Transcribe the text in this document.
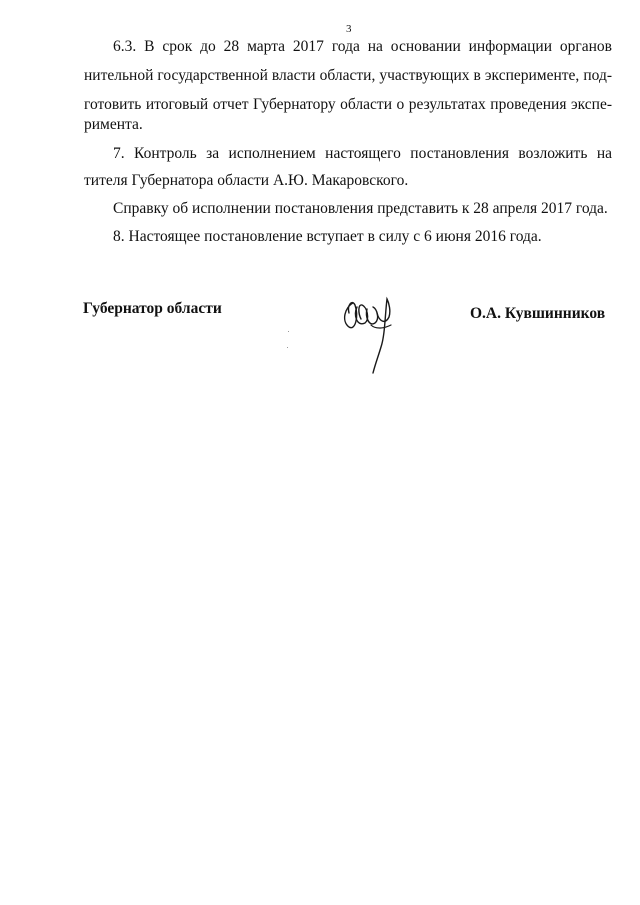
3
6.3. В срок до 28 марта 2017 года на основании информации органов
нительной государственной власти области, участвующих в эксперименте, под-
готовить итоговый отчет Губернатору области о результатах проведения экспе-
римента.
7. Контроль за исполнением настоящего постановления возложить на
тителя Губернатора области А.Ю. Макаровского.
Справку об исполнении постановления представить к 28 апреля 2017 года.
8. Настоящее постановление вступает в силу с 6 июня 2016 года.
Губернатор области	О.А. Кувшинников
